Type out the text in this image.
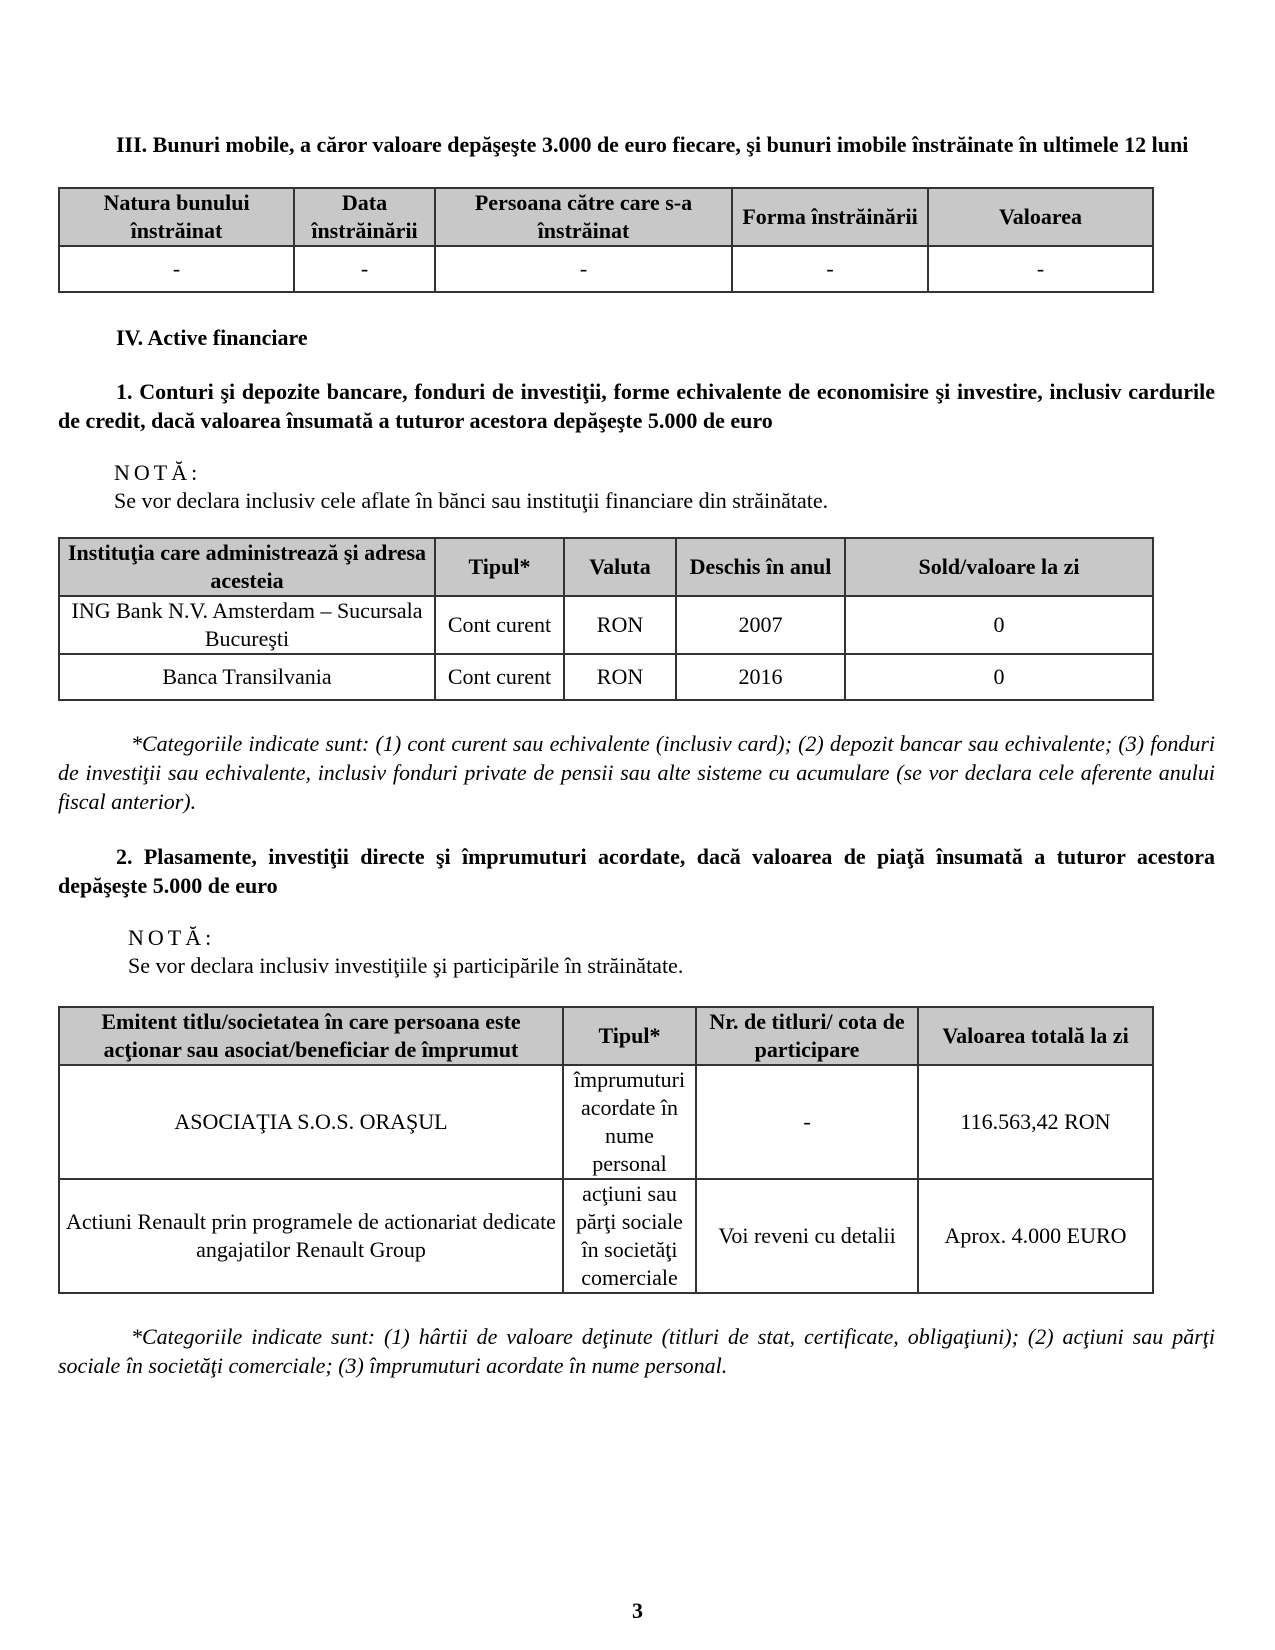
III. Bunuri mobile, a căror valoare depăşeşte 3.000 de euro fiecare, şi bunuri imobile înstrăinate în ultimele 12 luni

Natura bunului înstrăinat	Data înstrăinării	Persoana către care s-a înstrăinat	Forma înstrăinării	Valoarea
-	-	-	-	-

IV. Active financiare

1. Conturi şi depozite bancare, fonduri de investiţii, forme echivalente de economisire şi investire, inclusiv cardurile de credit, dacă valoarea însumată a tuturor acestora depăşeşte 5.000 de euro

NOTĂ:

Se vor declara inclusiv cele aflate în bănci sau instituţii financiare din străinătate.

Instituţia care administrează şi adresa acesteia	Tipul*	Valuta	Deschis în anul	Sold/valoare la zi
ING Bank N.V. Amsterdam – Sucursala Bucureşti	Cont curent	RON	2007	0
Banca Transilvania	Cont curent	RON	2016	0

*Categoriile indicate sunt: (1) cont curent sau echivalente (inclusiv card); (2) depozit bancar sau echivalente; (3) fonduri de investiţii sau echivalente, inclusiv fonduri private de pensii sau alte sisteme cu acumulare (se vor declara cele aferente anului fiscal anterior).

2. Plasamente, investiţii directe şi împrumuturi acordate, dacă valoarea de piaţă însumată a tuturor acestora depăşeşte 5.000 de euro

NOTĂ:

Se vor declara inclusiv investiţiile şi participările în străinătate.

Emitent titlu/societatea în care persoana este acţionar sau asociat/beneficiar de împrumut	Tipul*	Nr. de titluri/ cota de participare	Valoarea totală la zi
ASOCIAŢIA S.O.S. ORAŞUL	împrumuturi acordate în nume personal	-	116.563,42 RON
Actiuni Renault prin programele de actionariat dedicate angajatilor Renault Group	acţiuni sau părţi sociale în societăţi comerciale	Voi reveni cu detalii	Aprox. 4.000 EURO

*Categoriile indicate sunt: (1) hârtii de valoare deţinute (titluri de stat, certificate, obligaţiuni); (2) acţiuni sau părţi sociale în societăţi comerciale; (3) împrumuturi acordate în nume personal.

3
